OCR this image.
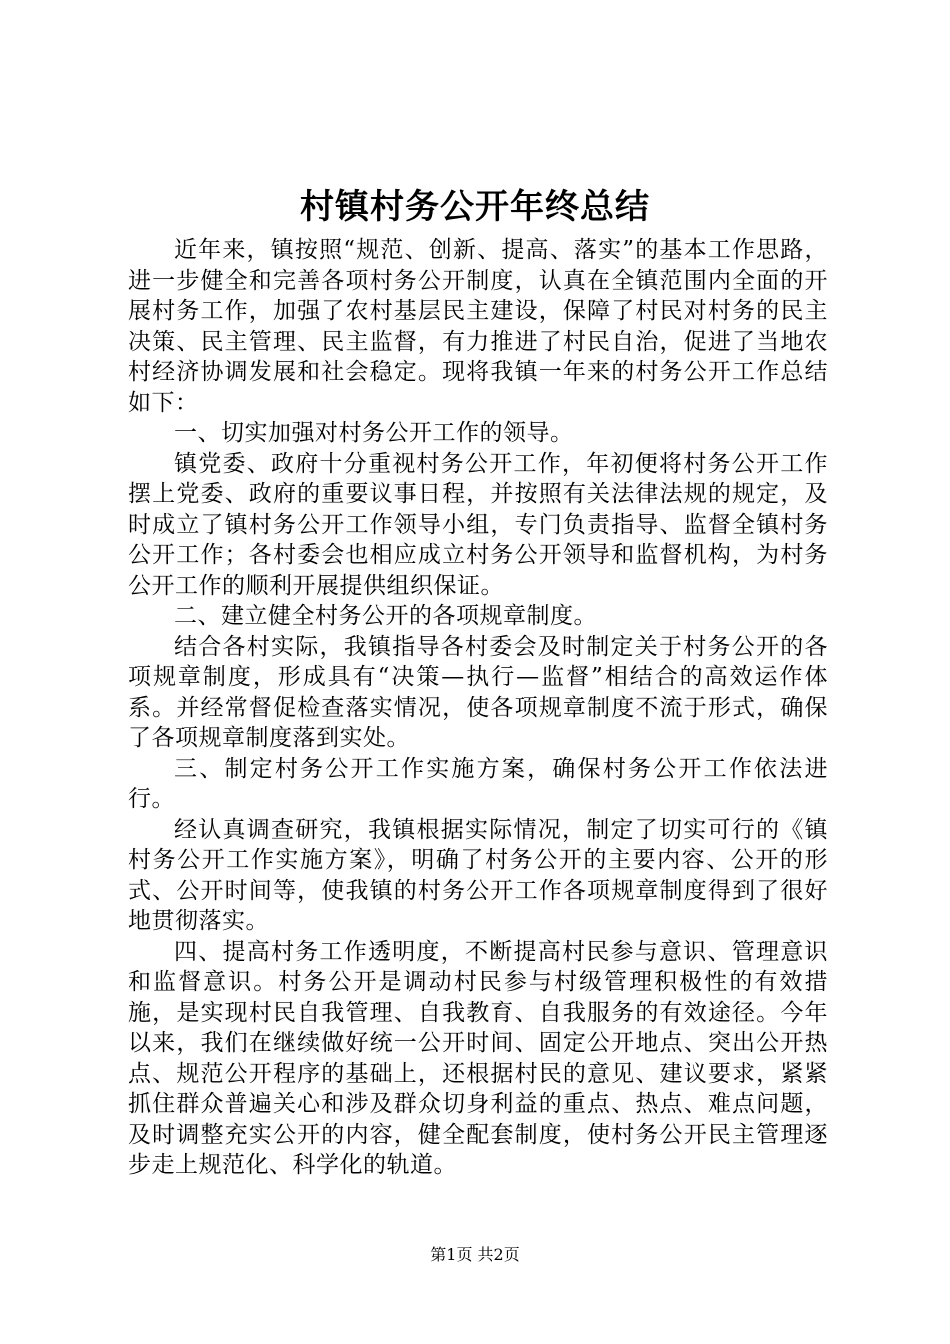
村镇村务公开年终总结

近年来，镇按照“规范、创新、提高、落实”的基本工作思路，进一步健全和完善各项村务公开制度，认真在全镇范围内全面的开展村务工作，加强了农村基层民主建设，保障了村民对村务的民主决策、民主管理、民主监督，有力推进了村民自治，促进了当地农村经济协调发展和社会稳定。现将我镇一年来的村务公开工作总结如下：

一、切实加强对村务公开工作的领导。

镇党委、政府十分重视村务公开工作，年初便将村务公开工作摆上党委、政府的重要议事日程，并按照有关法律法规的规定，及时成立了镇村务公开工作领导小组，专门负责指导、监督全镇村务公开工作；各村委会也相应成立村务公开领导和监督机构，为村务公开工作的顺利开展提供组织保证。

二、建立健全村务公开的各项规章制度。

结合各村实际，我镇指导各村委会及时制定关于村务公开的各项规章制度，形成具有“决策—执行—监督”相结合的高效运作体系。并经常督促检查落实情况，使各项规章制度不流于形式，确保了各项规章制度落到实处。

三、制定村务公开工作实施方案，确保村务公开工作依法进行。

经认真调查研究，我镇根据实际情况，制定了切实可行的《镇村务公开工作实施方案》，明确了村务公开的主要内容、公开的形式、公开时间等，使我镇的村务公开工作各项规章制度得到了很好地贯彻落实。

四、提高村务工作透明度，不断提高村民参与意识、管理意识和监督意识。村务公开是调动村民参与村级管理积极性的有效措施，是实现村民自我管理、自我教育、自我服务的有效途径。今年以来，我们在继续做好统一公开时间、固定公开地点、突出公开热点、规范公开程序的基础上，还根据村民的意见、建议要求，紧紧抓住群众普遍关心和涉及群众切身利益的重点、热点、难点问题，及时调整充实公开的内容，健全配套制度，使村务公开民主管理逐步走上规范化、科学化的轨道。

第1页 共2页
